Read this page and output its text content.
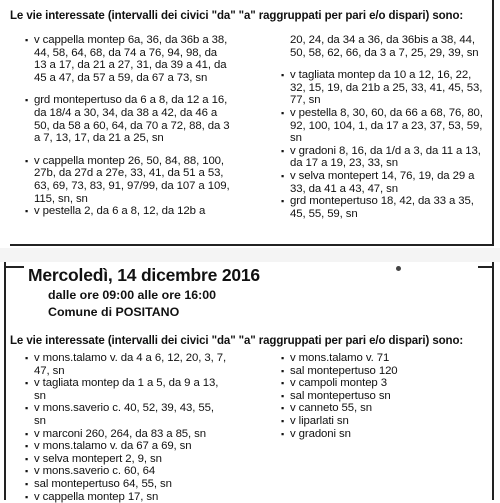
Le vie interessate (intervalli dei civici "da" "a" raggruppati per pari e/o dispari) sono:
▪ v cappella montep 6a, 36, da 36b a 38,
44, 58, 64, 68, da 74 a 76, 94, 98, da
13 a 17, da 21 a 27, 31, da 39 a 41, da
45 a 47, da 57 a 59, da 67 a 73, sn
▪ grd montepertuso da 6 a 8, da 12 a 16,
da 18/4 a 30, 34, da 38 a 42, da 46 a
50, da 58 a 60, 64, da 70 a 72, 88, da 3
a 7, 13, 17, da 21 a 25, sn
▪ v cappella montep 26, 50, 84, 88, 100,
27b, da 27d a 27e, 33, 41, da 51 a 53,
63, 69, 73, 83, 91, 97/99, da 107 a 109,
115, sn, sn
▪ v pestella 2, da 6 a 8, 12, da 12b a
20, 24, da 34 a 36, da 36bis a 38, 44,
50, 58, 62, 66, da 3 a 7, 25, 29, 39, sn
▪ v tagliata montep da 10 a 12, 16, 22,
32, 15, 19, da 21b a 25, 33, 41, 45, 53,
77, sn
▪ v pestella 8, 30, 60, da 66 a 68, 76, 80,
92, 100, 104, 1, da 17 a 23, 37, 53, 59,
sn
▪ v gradoni 8, 16, da 1/d a 3, da 11 a 13,
da 17 a 19, 23, 33, sn
▪ v selva montepert 14, 76, 19, da 29 a
33, da 41 a 43, 47, sn
▪ grd montepertuso 18, 42, da 33 a 35,
45, 55, 59, sn
Mercoledì, 14 dicembre 2016
dalle ore 09:00 alle ore 16:00
Comune di POSITANO
Le vie interessate (intervalli dei civici "da" "a" raggruppati per pari e/o dispari) sono:
▪ v mons.talamo v. da 4 a 6, 12, 20, 3, 7,
47, sn
▪ v tagliata montep da 1 a 5, da 9 a 13,
sn
▪ v mons.saverio c. 40, 52, 39, 43, 55,
sn
▪ v marconi 260, 264, da 83 a 85, sn
▪ v mons.talamo v. da 67 a 69, sn
▪ v selva montepert 2, 9, sn
▪ v mons.saverio c. 60, 64
▪ sal montepertuso 64, 55, sn
▪ v cappella montep 17, sn
▪ v mons.talamo v. 71
▪ sal montepertuso 120
▪ v campoli montep 3
▪ sal montepertuso sn
▪ v canneto 55, sn
▪ v liparlati sn
▪ v gradoni sn
